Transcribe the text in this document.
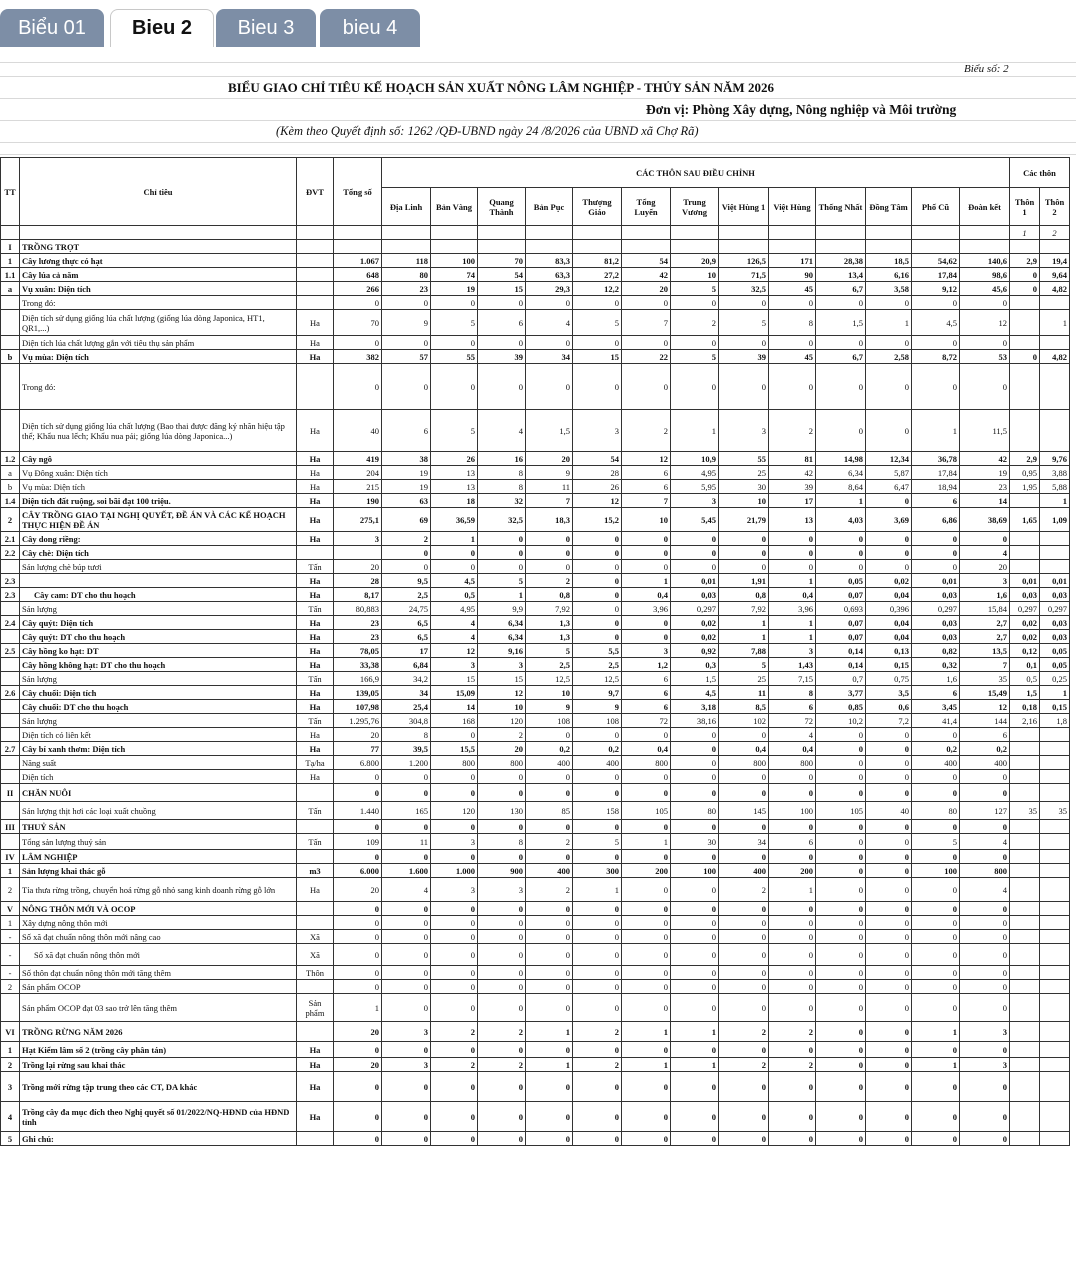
Biểu 01	Bieu 2	Bieu 3	bieu 4
Biểu số: 2
BIỂU GIAO CHỈ TIÊU KẾ HOẠCH SẢN XUẤT NÔNG LÂM NGHIỆP - THỦY SẢN NĂM 2026
Đơn vị: Phòng Xây dựng, Nông nghiệp và Môi trường
(Kèm theo Quyết định số: 1262 /QĐ-UBND ngày 24 /8/2026 của UBND xã Chợ Rã)
TT	Chỉ tiêu	ĐVT	Tổng số	CÁC THÔN SAU ĐIỀU CHỈNH													Các thôn	
				Địa Linh	Bản Vàng	Quang Thành	Bản Pục	Thượng Giáo	Tổng Luyến	Trung Vương	Việt Hùng 1	Việt Hùng	Thống Nhất	Đồng Tâm	Phố Cũ	Đoàn kết	Thôn 1	Thôn 2
																	1	2
I	TRỒNG TRỌT																	
1	Cây lương thực có hạt		1.067	118	100	70	83,3	81,2	54	20,9	126,5	171	28,38	18,5	54,62	140,6	2,9	19,4
1.1	Cây lúa cả năm		648	80	74	54	63,3	27,2	42	10	71,5	90	13,4	6,16	17,84	98,6	0	9,64
a	Vụ xuân: Diện tích		266	23	19	15	29,3	12,2	20	5	32,5	45	6,7	3,58	9,12	45,6	0	4,82
	Trong đó:		0	0	0	0	0	0	0	0	0	0	0	0	0	0		
	Diện tích sử dụng giống lúa chất lượng (giống lúa dòng Japonica, HT1, QR1,...)	Ha	70	9	5	6	4	5	7	2	5	8	1,5	1	4,5	12		1
	Diện tích lúa chất lượng gắn với tiêu thụ sản phẩm	Ha	0	0	0	0	0	0	0	0	0	0	0	0	0	0		
b	Vụ mùa: Diện tích	Ha	382	57	55	39	34	15	22	5	39	45	6,7	2,58	8,72	53	0	4,82
	Trong đó:		0	0	0	0	0	0	0	0	0	0	0	0	0	0		
	Diện tích sử dụng giống lúa chất lượng (Bao thai được đăng ký nhãn hiệu tập thể; Khẩu nua lếch; Khẩu nua pải; giống lúa dòng Japonica...)	Ha	40	6	5	4	1,5	3	2	1	3	2	0	0	1	11,5		
1.2	Cây ngô	Ha	419	38	26	16	20	54	12	10,9	55	81	14,98	12,34	36,78	42	2,9	9,76
a	Vụ Đông xuân: Diện tích	Ha	204	19	13	8	9	28	6	4,95	25	42	6,34	5,87	17,84	19	0,95	3,88
b	Vụ mùa: Diện tích	Ha	215	19	13	8	11	26	6	5,95	30	39	8,64	6,47	18,94	23	1,95	5,88
1.4	Diện tích đất ruộng, soi bãi đạt 100 triệu.	Ha	190	63	18	32	7	12	7	3	10	17	1	0	6	14		1
2	CÂY TRỒNG GIAO TẠI NGHỊ QUYẾT, ĐỀ ÁN VÀ CÁC KẾ HOẠCH THỰC HIỆN ĐỀ ÁN	Ha	275,1	69	36,59	32,5	18,3	15,2	10	5,45	21,79	13	4,03	3,69	6,86	38,69	1,65	1,09
2.1	Cây dong riềng:	Ha	3	2	1	0	0	0	0	0	0	0	0	0	0	0		
2.2	Cây chè: Diện tích			0	0	0	0	0	0	0	0	0	0	0	0	4		
	Sản lượng chè búp tươi	Tấn	20	0	0	0	0	0	0	0	0	0	0	0	0	20		
2.3		Ha	28	9,5	4,5	5	2	0	1	0,01	1,91	1	0,05	0,02	0,01	3	0,01	0,01
2.3	Cây cam: DT cho thu hoạch	Ha	8,17	2,5	0,5	1	0,8	0	0,4	0,03	0,8	0,4	0,07	0,04	0,03	1,6	0,03	0,03
	Sản lượng	Tấn	80,883	24,75	4,95	9,9	7,92	0	3,96	0,297	7,92	3,96	0,693	0,396	0,297	15,84	0,297	0,297
2.4	Cây quýt: Diện tích	Ha	23	6,5	4	6,34	1,3	0	0	0,02	1	1	0,07	0,04	0,03	2,7	0,02	0,03
	Cây quýt: DT cho thu hoạch	Ha	23	6,5	4	6,34	1,3	0	0	0,02	1	1	0,07	0,04	0,03	2,7	0,02	0,03
2.5	Cây hồng ko hạt: DT	Ha	78,05	17	12	9,16	5	5,5	3	0,92	7,88	3	0,14	0,13	0,82	13,5	0,12	0,05
	Cây hồng không hạt: DT cho thu hoạch	Ha	33,38	6,84	3	3	2,5	2,5	1,2	0,3	5	1,43	0,14	0,15	0,32	7	0,1	0,05
	Sản lượng	Tấn	166,9	34,2	15	15	12,5	12,5	6	1,5	25	7,15	0,7	0,75	1,6	35	0,5	0,25
2.6	Cây chuối: Diện tích	Ha	139,05	34	15,09	12	10	9,7	6	4,5	11	8	3,77	3,5	6	15,49	1,5	1
	Cây chuối: DT cho thu hoạch	Ha	107,98	25,4	14	10	9	9	6	3,18	8,5	6	0,85	0,6	3,45	12	0,18	0,15
	Sản lượng	Tấn	1.295,76	304,8	168	120	108	108	72	38,16	102	72	10,2	7,2	41,4	144	2,16	1,8
	Diện tích có liên kết	Ha	20	8	0	2	0	0	0	0	0	4	0	0	0	6		
2.7	Cây bí xanh thơm: Diện tích	Ha	77	39,5	15,5	20	0,2	0,2	0,4	0	0,4	0,4	0	0	0,2	0,2		
	Năng suất	Tạ/ha	6.800	1.200	800	800	400	400	800	0	800	800	0	0	400	400		
	Diện tích	Ha	0	0	0	0	0	0	0	0	0	0	0	0	0	0		
II	CHĂN NUÔI		0	0	0	0	0	0	0	0	0	0	0	0	0	0		
	Sản lượng thịt hơi các loại xuất chuồng	Tấn	1.440	165	120	130	85	158	105	80	145	100	105	40	80	127	35	35
III	THUỶ SẢN		0	0	0	0	0	0	0	0	0	0	0	0	0	0		
	Tổng sản lượng thuỷ sản	Tấn	109	11	3	8	2	5	1	30	34	6	0	0	5	4		
IV	LÂM NGHIỆP		0	0	0	0	0	0	0	0	0	0	0	0	0	0		
1	Sản lượng khai thác gỗ	m3	6.000	1.600	1.000	900	400	300	200	100	400	200	0	0	100	800		
2	Tỉa thưa rừng trồng, chuyển hoá rừng gỗ nhỏ sang kinh doanh rừng gỗ lớn	Ha	20	4	3	3	2	1	0	0	2	1	0	0	0	4		
V	NÔNG THÔN MỚI VÀ OCOP		0	0	0	0	0	0	0	0	0	0	0	0	0	0		
1	Xây dựng nông thôn mới		0	0	0	0	0	0	0	0	0	0	0	0	0	0		
-	Số xã đạt chuẩn nông thôn mới nâng cao	Xã	0	0	0	0	0	0	0	0	0	0	0	0	0	0		
-	Số xã đạt chuẩn nông thôn mới	Xã	0	0	0	0	0	0	0	0	0	0	0	0	0	0		
-	Số thôn đạt chuẩn nông thôn mới tăng thêm	Thôn	0	0	0	0	0	0	0	0	0	0	0	0	0	0		
2	Sản phẩm OCOP		0	0	0	0	0	0	0	0	0	0	0	0	0	0		
	Sản phẩm OCOP đạt 03 sao trở lên tăng thêm	Sản phẩm	1	0	0	0	0	0	0	0	0	0	0	0	0	0		
VI	TRỒNG RỪNG NĂM 2026		20	3	2	2	1	2	1	1	2	2	0	0	1	3		
1	Hạt Kiểm lâm số 2 (trồng cây phân tán)	Ha	0	0	0	0	0	0	0	0	0	0	0	0	0	0		
2	Trồng lại rừng sau khai thác	Ha	20	3	2	2	1	2	1	1	2	2	0	0	1	3		
3	Trồng mới rừng tập trung theo các CT, DA khác	Ha	0	0	0	0	0	0	0	0	0	0	0	0	0	0		
4	Trồng cây đa mục đích theo Nghị quyết số 01/2022/NQ-HĐND của HĐND tỉnh	Ha	0	0	0	0	0	0	0	0	0	0	0	0	0	0		
5	Ghi chú:		0	0	0	0	0	0	0	0	0	0	0	0	0	0		
